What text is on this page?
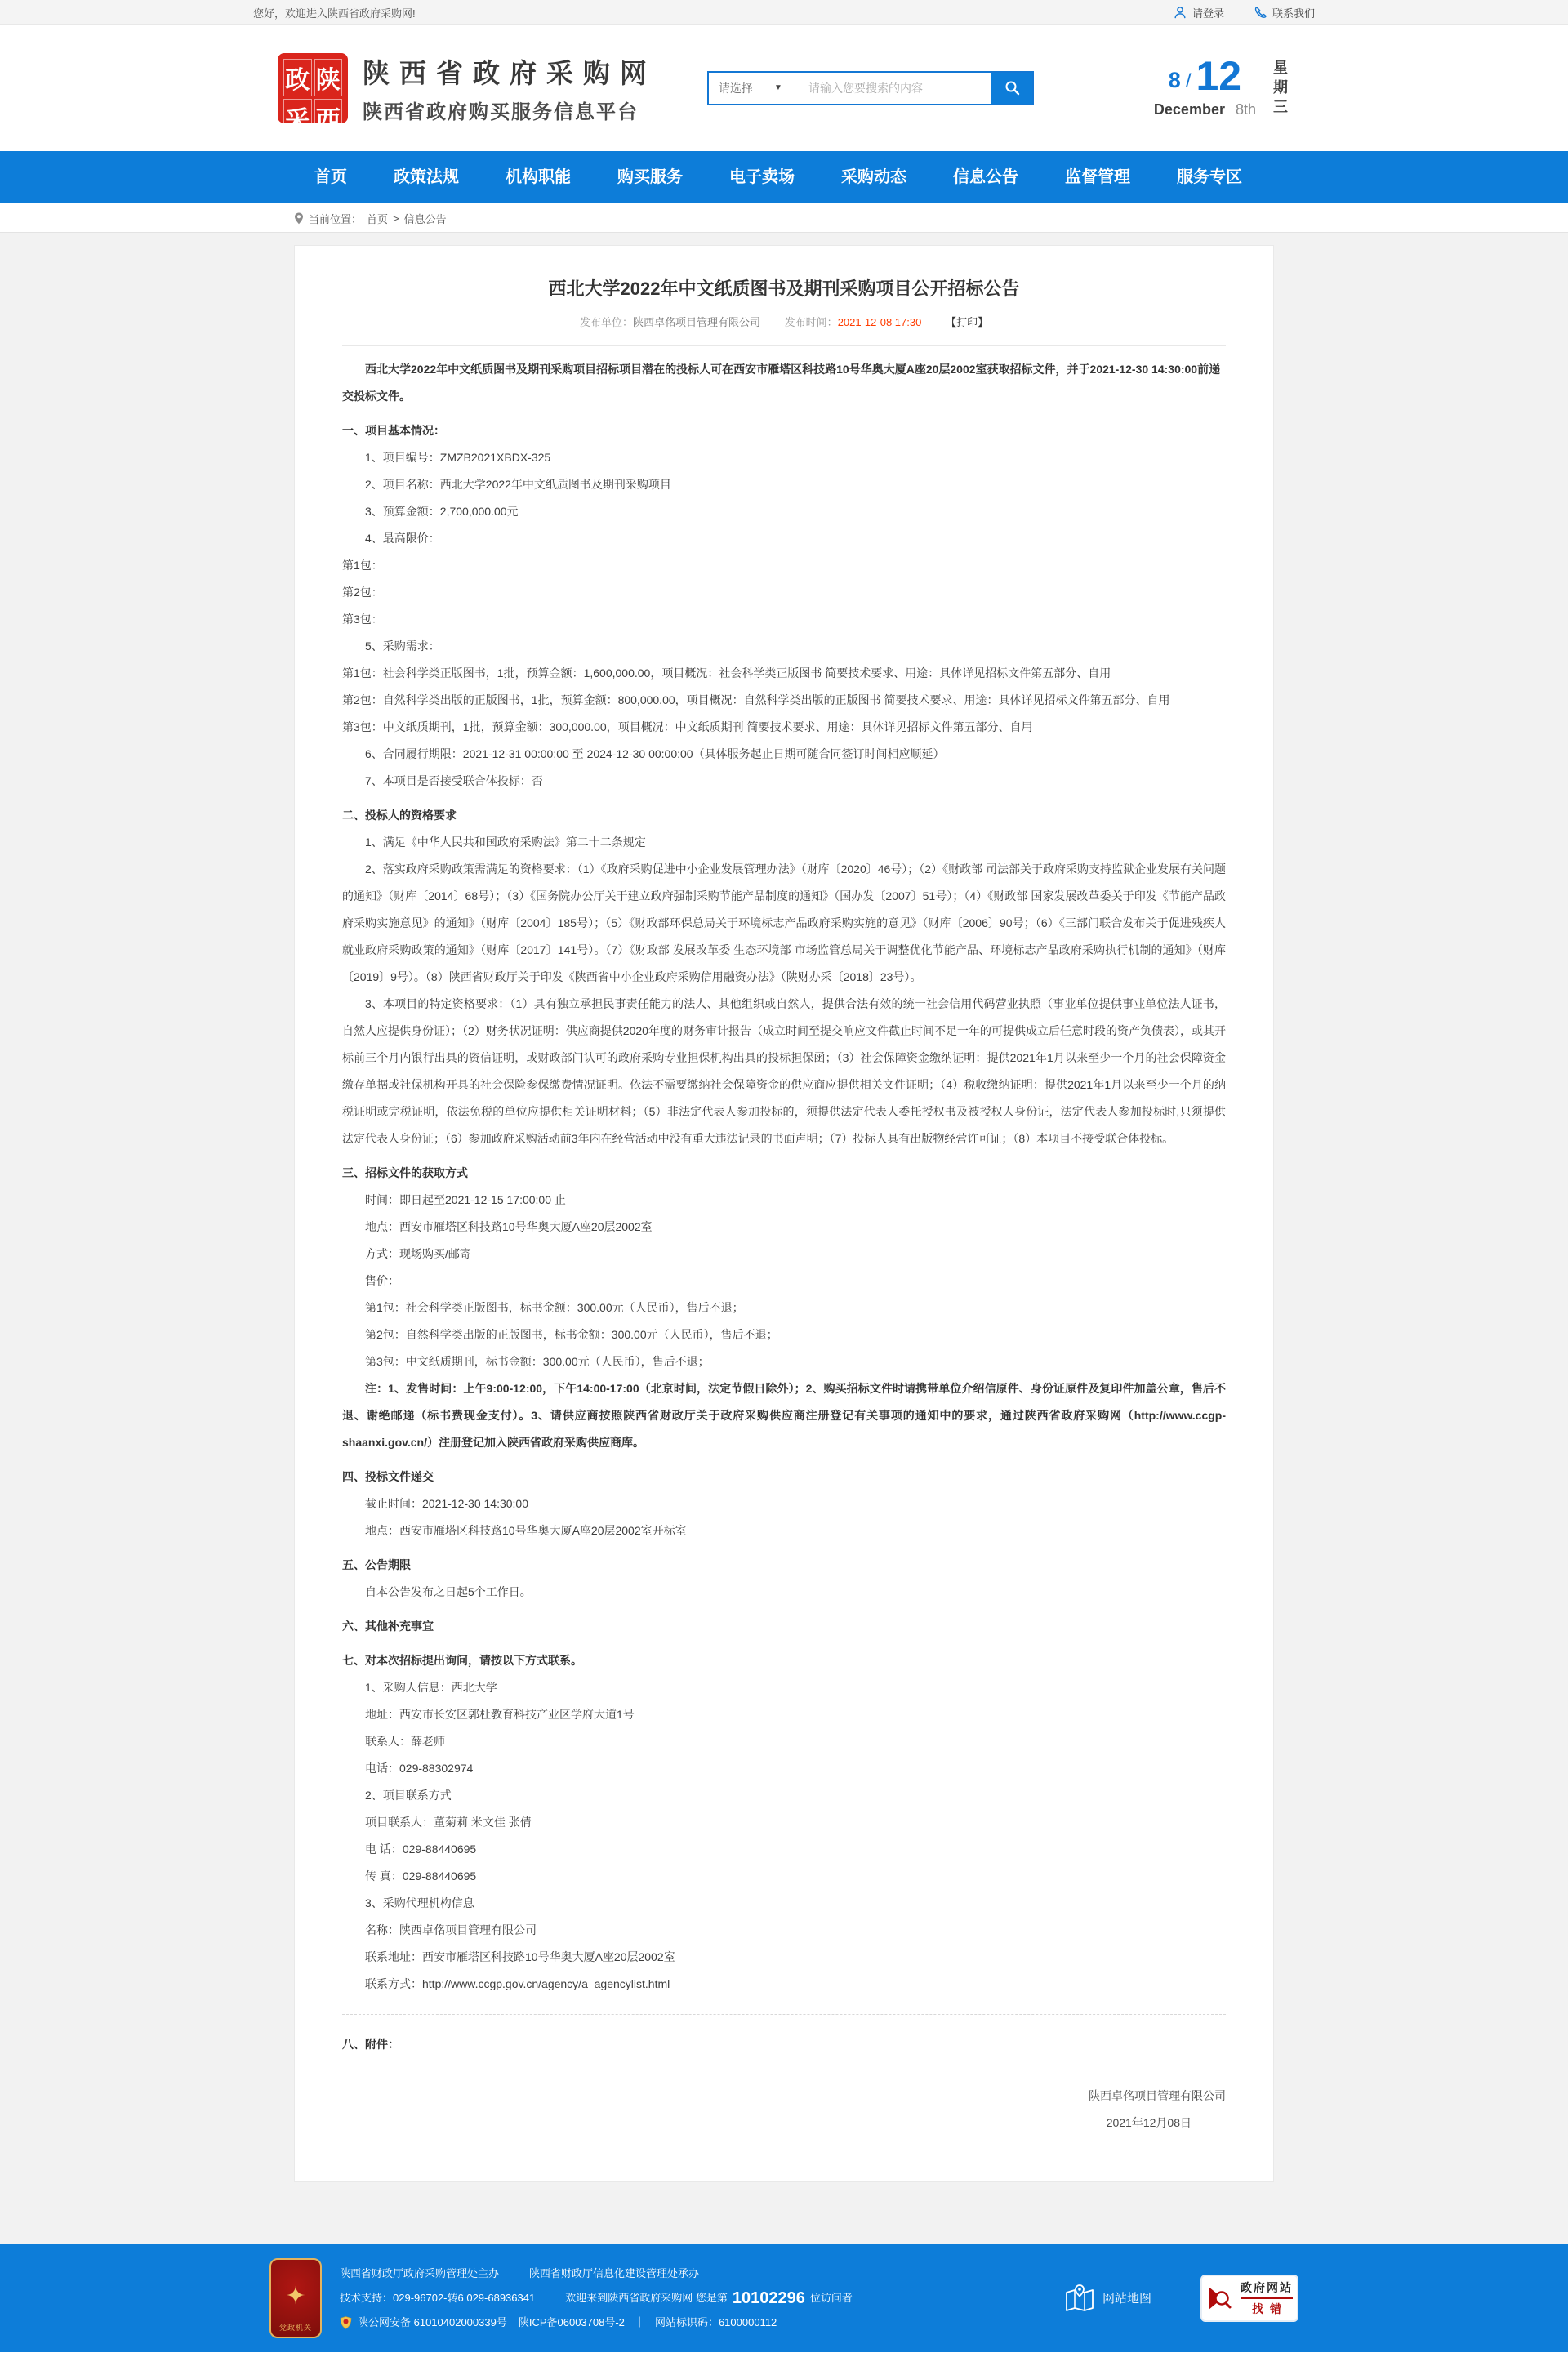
您好，欢迎进入陕西省政府采购网!	请登录	联系我们
政 陕
采 西
陕西省政府采购网
陕西省政府购买服务信息平台
请选择	▼
请输入您要搜索的内容	8 / 12
December 8th 星期三
首页	政策法规	机构职能	购买服务	电子卖场	采购动态	信息公告	监督管理	服务专区
当前位置： 首页 > 信息公告
西北大学2022年中文纸质图书及期刊采购项目公开招标公告
发布单位：陕西卓佲项目管理有限公司 发布时间：2021-12-08 17:30 【打印】

西北大学2022年中文纸质图书及期刊采购项目招标项目潜在的投标人可在西安市雁塔区科技路10号华奥大厦A座20层2002室获取招标文件，并于2021-12-30 14:30:00前递交投标文件。

一、项目基本情况：

1、项目编号：ZMZB2021XBDX-325

2、项目名称：西北大学2022年中文纸质图书及期刊采购项目

3、预算金额：2,700,000.00元

4、最高限价：

第1包：

第2包：

第3包：

5、采购需求：

第1包：社会科学类正版图书，1批，预算金额：1,600,000.00，项目概况：社会科学类正版图书 简要技术要求、用途：具体详见招标文件第五部分、自用

第2包：自然科学类出版的正版图书，1批，预算金额：800,000.00，项目概况：自然科学类出版的正版图书 简要技术要求、用途：具体详见招标文件第五部分、自用

第3包：中文纸质期刊，1批，预算金额：300,000.00，项目概况：中文纸质期刊 简要技术要求、用途：具体详见招标文件第五部分、自用

6、合同履行期限：2021-12-31 00:00:00 至 2024-12-30 00:00:00（具体服务起止日期可随合同签订时间相应顺延）

7、本项目是否接受联合体投标：否

二、投标人的资格要求

1、满足《中华人民共和国政府采购法》第二十二条规定

2、落实政府采购政策需满足的资格要求：（1）《政府采购促进中小企业发展管理办法》（财库〔2020〕46号）；（2）《财政部 司法部关于政府采购支持监狱企业发展有关问题的通知》（财库〔2014〕68号）；（3）《国务院办公厅关于建立政府强制采购节能产品制度的通知》（国办发〔2007〕51号）；（4）《财政部 国家发展改革委关于印发《节能产品政府采购实施意见》的通知》（财库〔2004〕185号）；（5）《财政部环保总局关于环境标志产品政府采购实施的意见》（财库〔2006〕90号；（6）《三部门联合发布关于促进残疾人就业政府采购政策的通知》（财库〔2017〕141号）。（7）《财政部 发展改革委 生态环境部 市场监管总局关于调整优化节能产品、环境标志产品政府采购执行机制的通知》（财库〔2019〕9号）。（8）陕西省财政厅关于印发《陕西省中小企业政府采购信用融资办法》（陕财办采〔2018〕23号）。

3、本项目的特定资格要求：（1）具有独立承担民事责任能力的法人、其他组织或自然人，提供合法有效的统一社会信用代码营业执照（事业单位提供事业单位法人证书，自然人应提供身份证）；（2）财务状况证明：供应商提供2020年度的财务审计报告（成立时间至提交响应文件截止时间不足一年的可提供成立后任意时段的资产负债表），或其开标前三个月内银行出具的资信证明，或财政部门认可的政府采购专业担保机构出具的投标担保函；（3）社会保障资金缴纳证明：提供2021年1月以来至少一个月的社会保障资金缴存单据或社保机构开具的社会保险参保缴费情况证明。依法不需要缴纳社会保障资金的供应商应提供相关文件证明；（4）税收缴纳证明：提供2021年1月以来至少一个月的纳税证明或完税证明，依法免税的单位应提供相关证明材料；（5）非法定代表人参加投标的，须提供法定代表人委托授权书及被授权人身份证，法定代表人参加投标时,只须提供法定代表人身份证；（6）参加政府采购活动前3年内在经营活动中没有重大违法记录的书面声明；（7）投标人具有出版物经营许可证；（8）本项目不接受联合体投标。

三、招标文件的获取方式

时间：即日起至2021-12-15 17:00:00 止

地点：西安市雁塔区科技路10号华奥大厦A座20层2002室

方式：现场购买/邮寄

售价：

第1包：社会科学类正版图书，标书金额：300.00元（人民币），售后不退；

第2包：自然科学类出版的正版图书，标书金额：300.00元（人民币），售后不退；

第3包：中文纸质期刊，标书金额：300.00元（人民币），售后不退；

注：1、发售时间：上午9:00-12:00，下午14:00-17:00（北京时间，法定节假日除外）；2、购买招标文件时请携带单位介绍信原件、身份证原件及复印件加盖公章，售后不退、谢绝邮递（标书费现金支付）。3、请供应商按照陕西省财政厅关于政府采购供应商注册登记有关事项的通知中的要求，通过陕西省政府采购网（http://www.ccgp-shaanxi.gov.cn/）注册登记加入陕西省政府采购供应商库。

四、投标文件递交

截止时间：2021-12-30 14:30:00

地点：西安市雁塔区科技路10号华奥大厦A座20层2002室开标室

五、公告期限

自本公告发布之日起5个工作日。

六、其他补充事宜

七、对本次招标提出询问，请按以下方式联系。

1、采购人信息：西北大学

地址：西安市长安区郭杜教育科技产业区学府大道1号

联系人：薛老师

电话：029-88302974

2、项目联系方式

项目联系人：董菊莉 米文佳 张倩

电 话：029-88440695

传 真：029-88440695

3、采购代理机构信息

名称：陕西卓佲项目管理有限公司

联系地址：西安市雁塔区科技路10号华奥大厦A座20层2002室

联系方式：http://www.ccgp.gov.cn/agency/a_agencylist.html

八、附件：

陕西卓佲项目管理有限公司

2021年12月08日

✦
党政机关
陕西省财政厅政府采购管理处主办 ｜ 陕西省财政厅信息化建设管理处承办
技术支持：029-96702-转6 029-68936341 ｜ 欢迎来到陕西省政府采购网 您是第 10102296 位访问者
陕公网安备 61010402000339号 陕ICP备06003708号-2 ｜ 网站标识码：6100000112
网站地图
政府网站
找错
